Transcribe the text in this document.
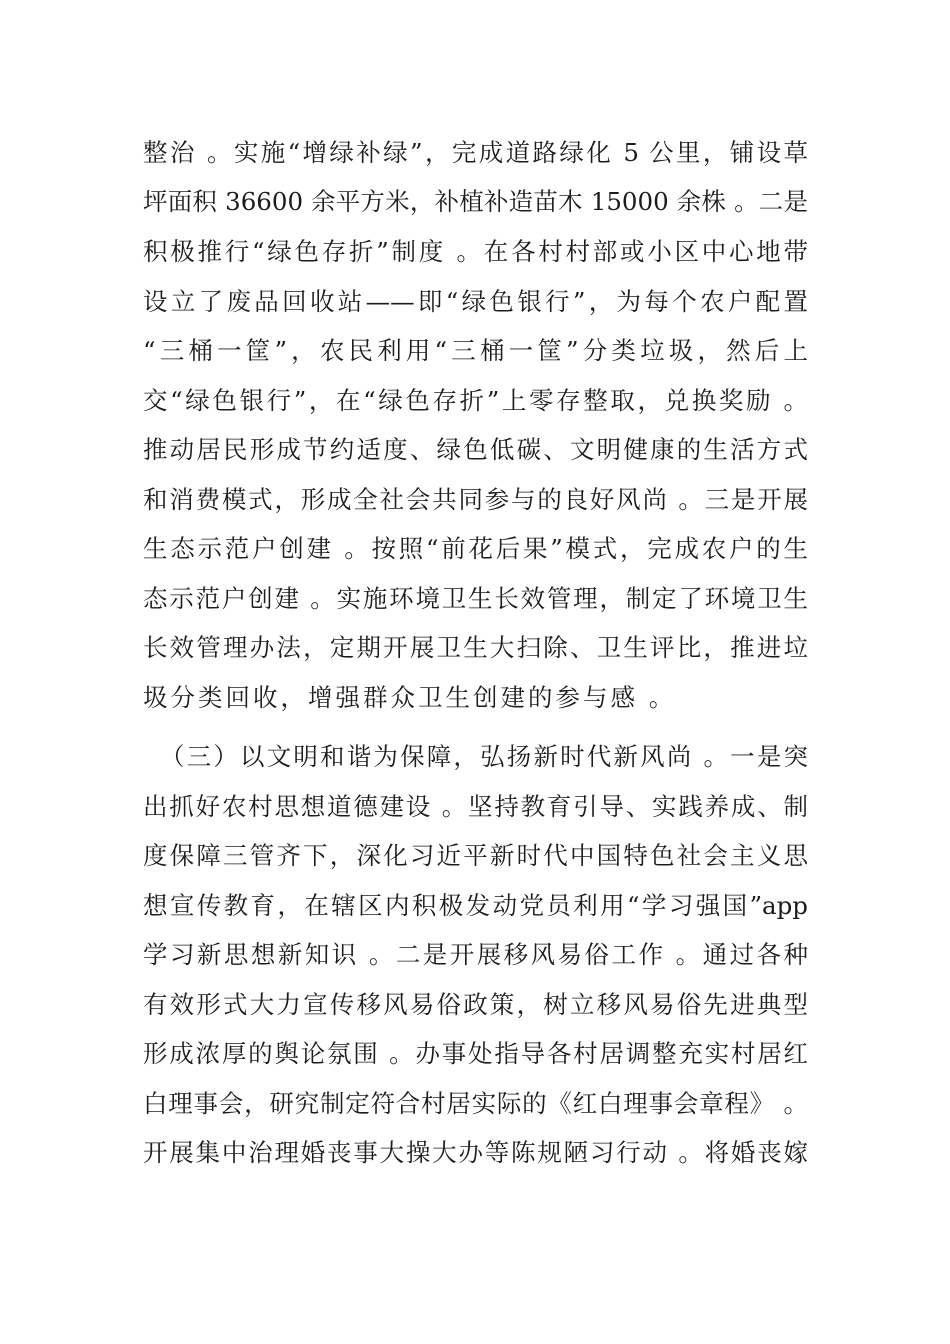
整治 。实施“增绿补绿”，完成道路绿化 5 公里，铺设草
坪面积 36600 余平方米，补植补造苗木 15000 余株 。二是
积极推行“绿色存折”制度 。在各村村部或小区中心地带
设立了废品回收站——即“绿色银行”，为每个农户配置
“三桶一筐”，农民利用“三桶一筐”分类垃圾，然后上
交“绿色银行”，在“绿色存折”上零存整取，兑换奖励 。
推动居民形成节约适度、绿色低碳、文明健康的生活方式
和消费模式，形成全社会共同参与的良好风尚 。三是开展
生态示范户创建 。按照“前花后果”模式，完成农户的生
态示范户创建 。实施环境卫生长效管理，制定了环境卫生
长效管理办法，定期开展卫生大扫除、卫生评比，推进垃
圾分类回收，增强群众卫生创建的参与感 。
（三）以文明和谐为保障，弘扬新时代新风尚 。一是突
出抓好农村思想道德建设 。坚持教育引导、实践养成、制
度保障三管齐下，深化习近平新时代中国特色社会主义思
想宣传教育，在辖区内积极发动党员利用“学习强国”app
学习新思想新知识 。二是开展移风易俗工作 。通过各种
有效形式大力宣传移风易俗政策，树立移风易俗先进典型
形成浓厚的舆论氛围 。办事处指导各村居调整充实村居红
白理事会，研究制定符合村居实际的《红白理事会章程》 。
开展集中治理婚丧事大操大办等陈规陋习行动 。将婚丧嫁
